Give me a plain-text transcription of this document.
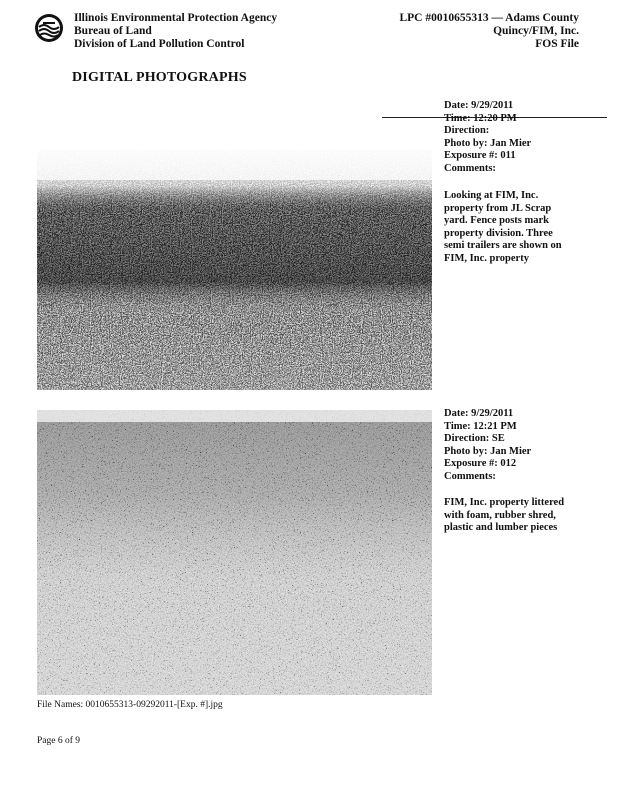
Illinois Environmental Protection Agency
Bureau of Land
Division of Land Pollution Control
LPC #0010655313 — Adams County
Quincy/FIM, Inc.
FOS File
DIGITAL PHOTOGRAPHS
Date: 9/29/2011
Time: 12:20 PM
Direction:
Photo by: Jan Mier
Exposure #: 011
Comments:
Looking at FIM, Inc. property from JL Scrap yard. Fence posts mark property division. Three semi trailers are shown on FIM, Inc. property
Date: 9/29/2011
Time: 12:21 PM
Direction: SE
Photo by: Jan Mier
Exposure #: 012
Comments:
FIM, Inc. property littered with foam, rubber shred, plastic and lumber pieces
File Names: 0010655313-09292011-[Exp. #].jpg
Page 6 of 9
